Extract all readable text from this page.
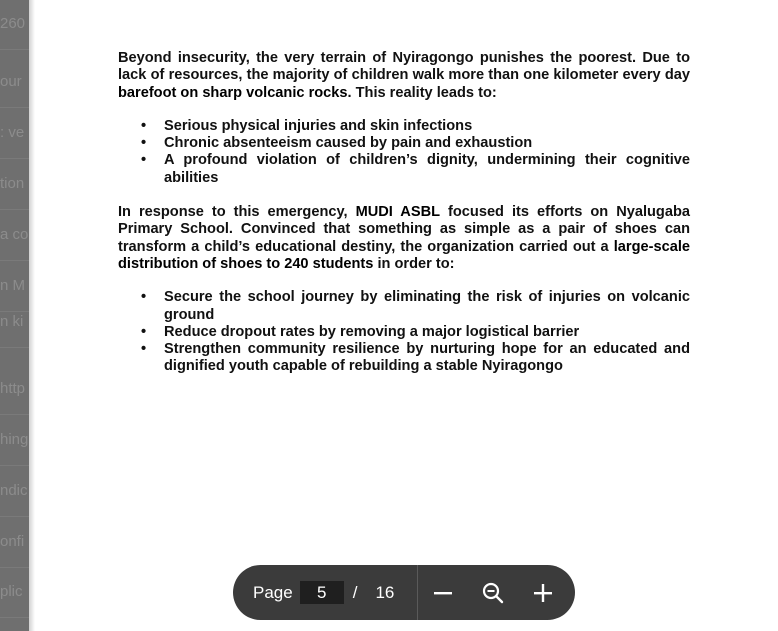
260
our
: ve
tion
a co
n M
n ki
http
hing
ndic
onfi
plic

Beyond insecurity, the very terrain of Nyiragongo punishes the poorest. Due to lack of resources, the majority of children walk more than one kilometer every day barefoot on sharp volcanic rocks. This reality leads to:

• Serious physical injuries and skin infections
• Chronic absenteeism caused by pain and exhaustion
• A profound violation of children’s dignity, undermining their cognitive abilities

In response to this emergency, MUDI ASBL focused its efforts on Nyalugaba Primary School. Convinced that something as simple as a pair of shoes can transform a child’s educational destiny, the organization carried out a large-scale distribution of shoes to 240 students in order to:

• Secure the school journey by eliminating the risk of injuries on volcanic ground
• Reduce dropout rates by removing a major logistical barrier
• Strengthen community resilience by nurturing hope for an educated and dignified youth capable of rebuilding a stable Nyiragongo
Page	5	/ 16
